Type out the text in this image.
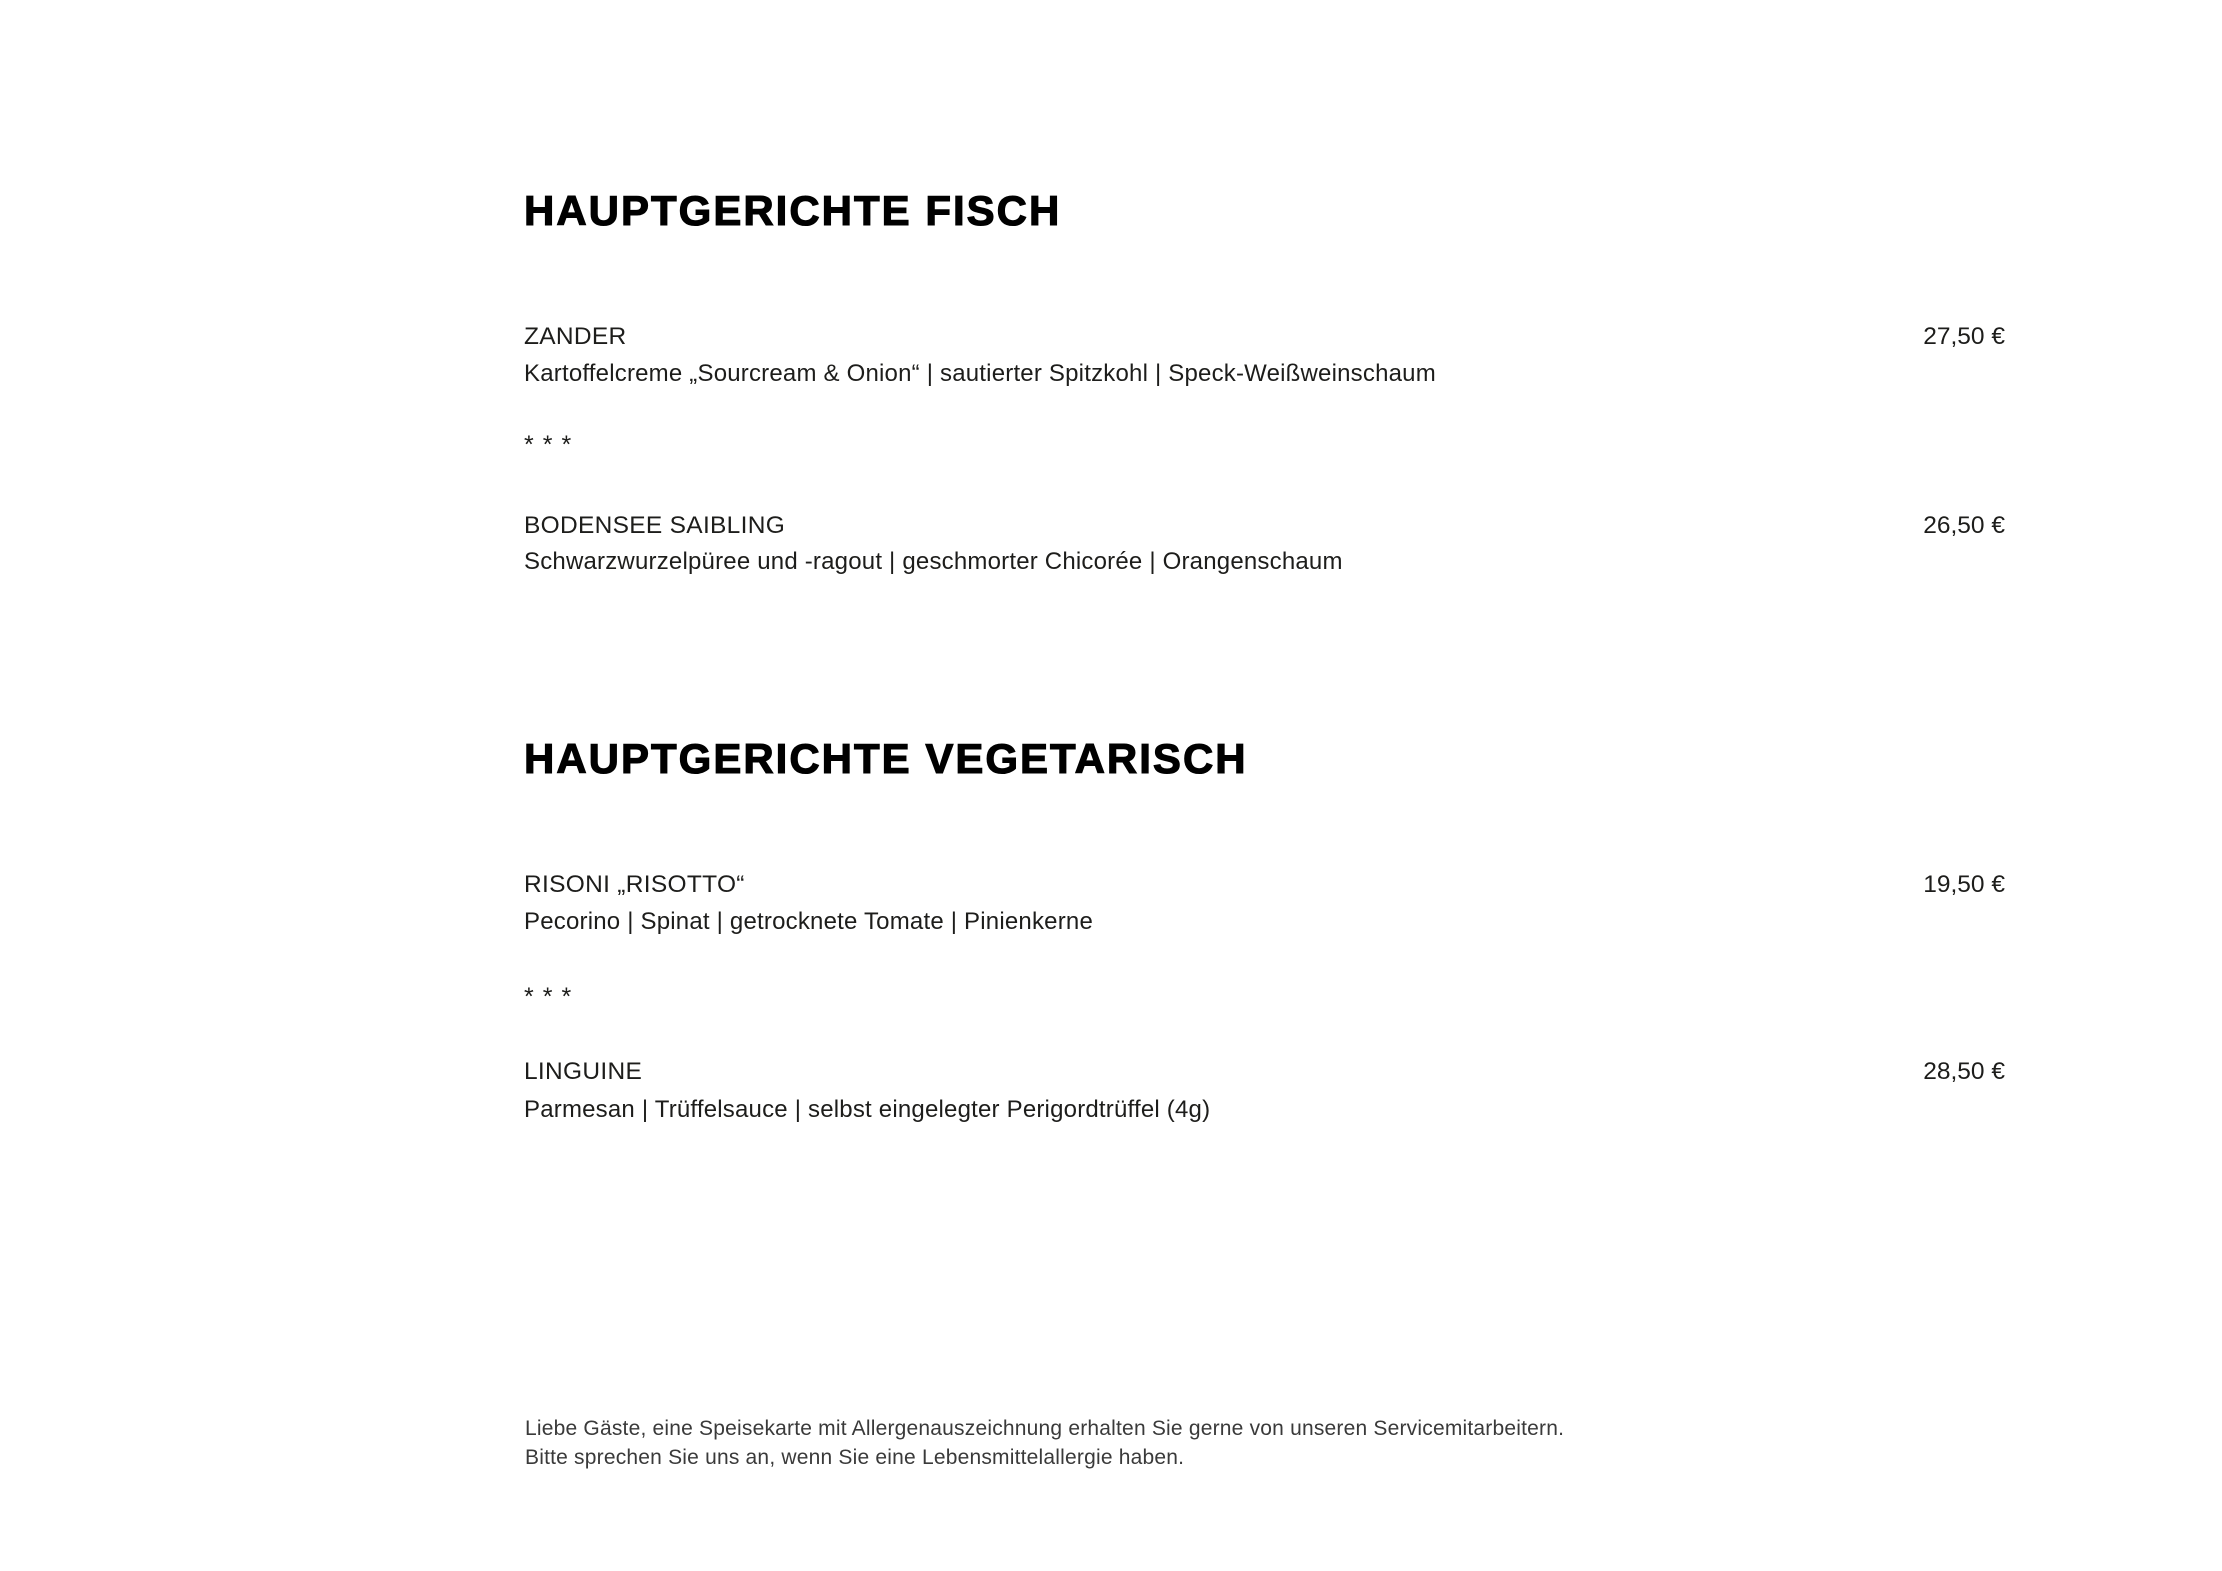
HAUPTGERICHTE FISCH
ZANDER	27,50 €
Kartoffelcreme „Sourcream & Onion“ | sautierter Spitzkohl | Speck-Weißweinschaum
***
BODENSEE SAIBLING	26,50 €
Schwarzwurzelpüree und -ragout | geschmorter Chicorée | Orangenschaum
HAUPTGERICHTE VEGETARISCH
RISONI „RISOTTO“	19,50 €
Pecorino | Spinat | getrocknete Tomate | Pinienkerne
***
LINGUINE	28,50 €
Parmesan | Trüffelsauce | selbst eingelegter Perigordtrüffel (4g)
Liebe Gäste, eine Speisekarte mit Allergenauszeichnung erhalten Sie gerne von unseren Servicemitarbeitern.
Bitte sprechen Sie uns an, wenn Sie eine Lebensmittelallergie haben.
